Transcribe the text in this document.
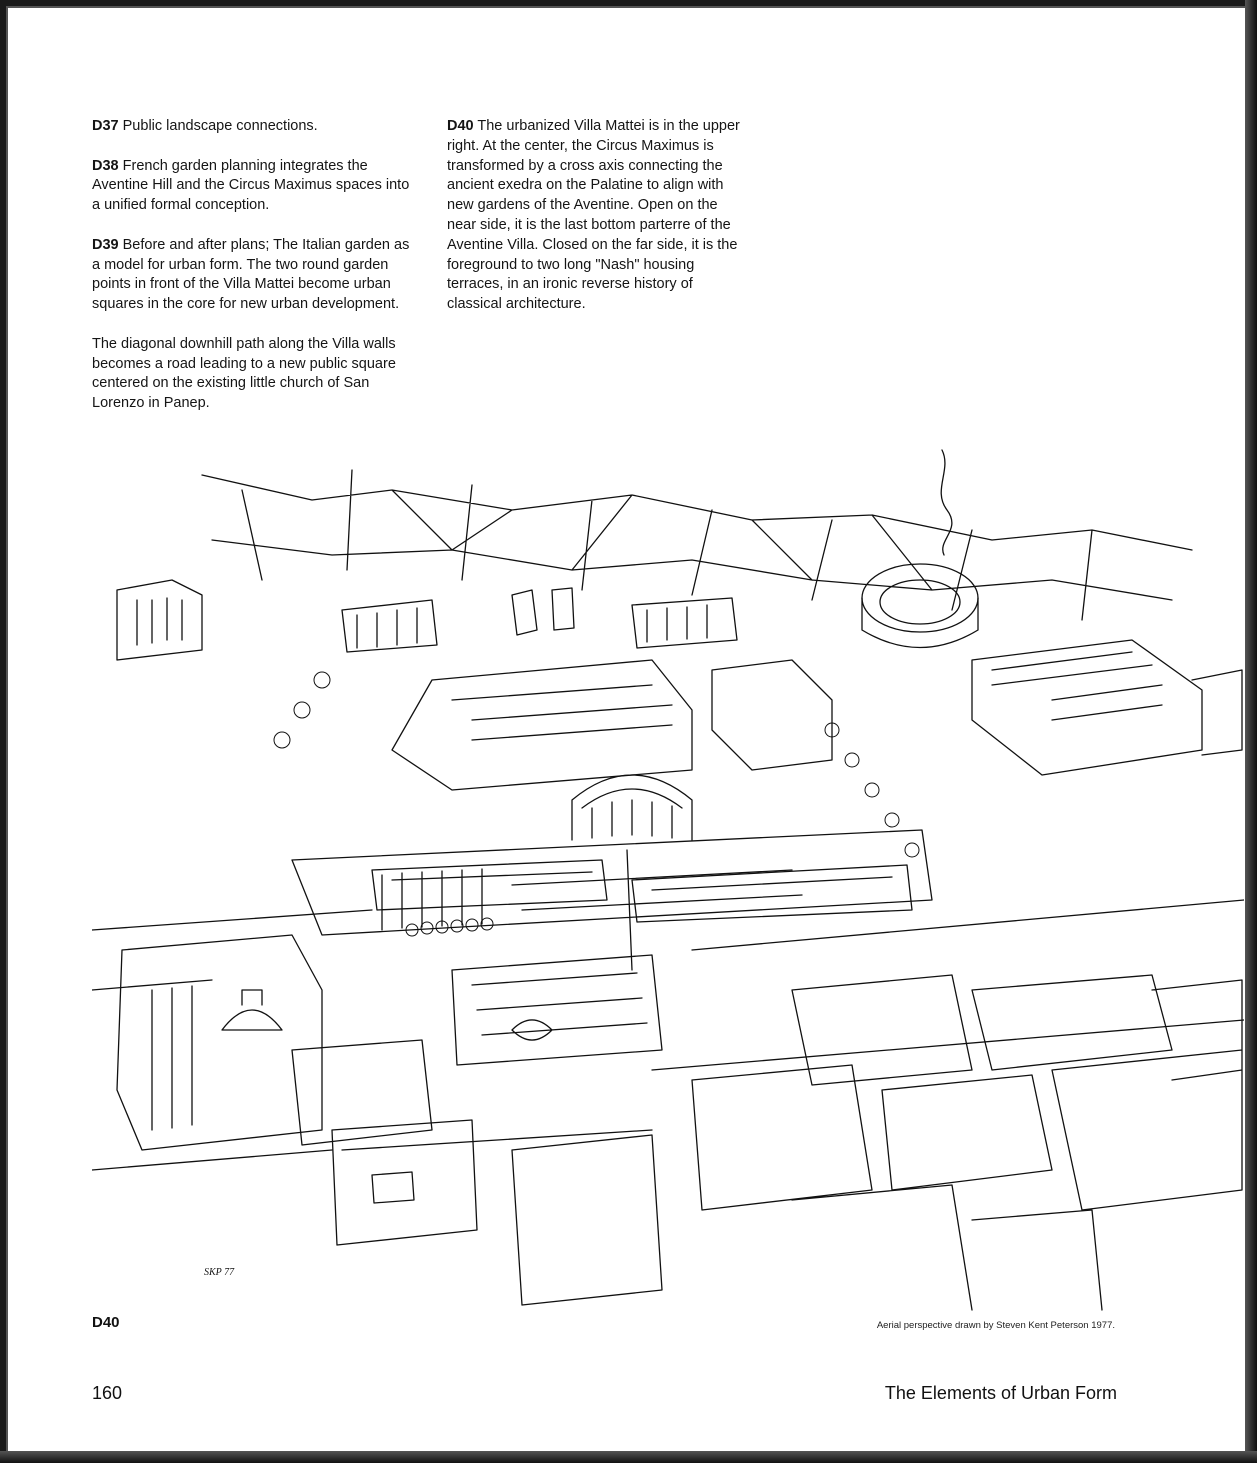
D37 Public landscape connections.

D38 French garden planning integrates the Aventine Hill and the Circus Maximus spaces into a unified formal conception.

D39 Before and after plans; The Italian garden as a model for urban form. The two round garden points in front of the Villa Mattei become urban squares in the core for new urban development.

The diagonal downhill path along the Villa walls becomes a road leading to a new public square centered on the existing little church of San Lorenzo in Panep.

D40 The urbanized Villa Mattei is in the upper right. At the center, the Circus Maximus is transformed by a cross axis connecting the ancient exedra on the Palatine to align with new gardens of the Aventine. Open on the near side, it is the last bottom parterre of the Aventine Villa. Closed on the far side, it is the foreground to two long "Nash" housing terraces, in an ironic reverse history of classical architecture.

SKP 77
D40	Aerial perspective drawn by Steven Kent Peterson 1977.
160	The Elements of Urban Form
